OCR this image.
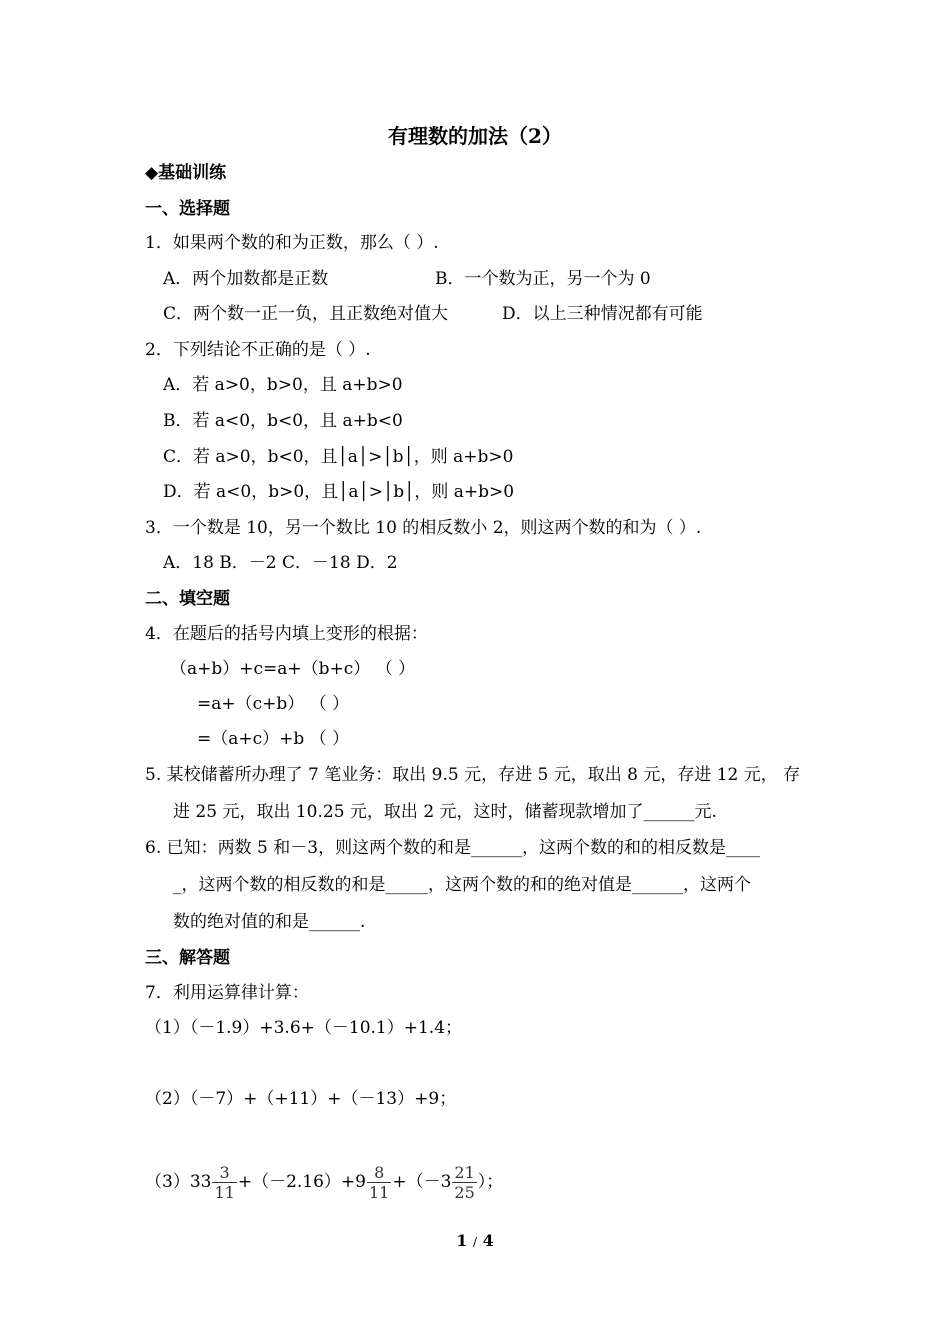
有理数的加法（2）
◆基础训练
一、选择题
1．如果两个数的和为正数，那么（ ）.
A．两个加数都是正数	B．一个数为正，另一个为 0
C．两个数一正一负，且正数绝对值大	D．以上三种情况都有可能
2．下列结论不正确的是（ ）.
A．若 a>0，b>0，且 a+b>0
B．若 a<0，b<0，且 a+b<0
C．若 a>0，b<0，且│a│>│b│，则 a+b>0
D．若 a<0，b>0，且│a│>│b│，则 a+b>0
3．一个数是 10，另一个数比 10 的相反数小 2，则这两个数的和为（ ）.
A．18 B．－2 C．－18 D．2
二、填空题
4．在题后的括号内填上变形的根据：
（a+b）+c=a+（b+c） （ ）
=a+（c+b） （ ）
=（a+c）+b （ ）
5. 某校储蓄所办理了 7 笔业务：取出 9.5 元，存进 5 元，取出 8 元，存进 12 元， 存
进 25 元，取出 10.25 元，取出 2 元，这时，储蓄现款增加了______元.
6. 已知：两数 5 和－3，则这两个数的和是______，这两个数的和的相反数是____
_，这两个数的相反数的和是_____，这两个数的和的绝对值是______，这两个
数的绝对值的和是______.
三、解答题
7．利用运算律计算：
（1）（－1.9）+3.6+（－10.1）+1.4；
（2）（－7）+（+11）+（－13）+9；
$(3)33 \frac{3}{11} +(-2.16)+9 \frac{8}{11} +(-3 \frac{21}{25}$ ）；
1 / 4
